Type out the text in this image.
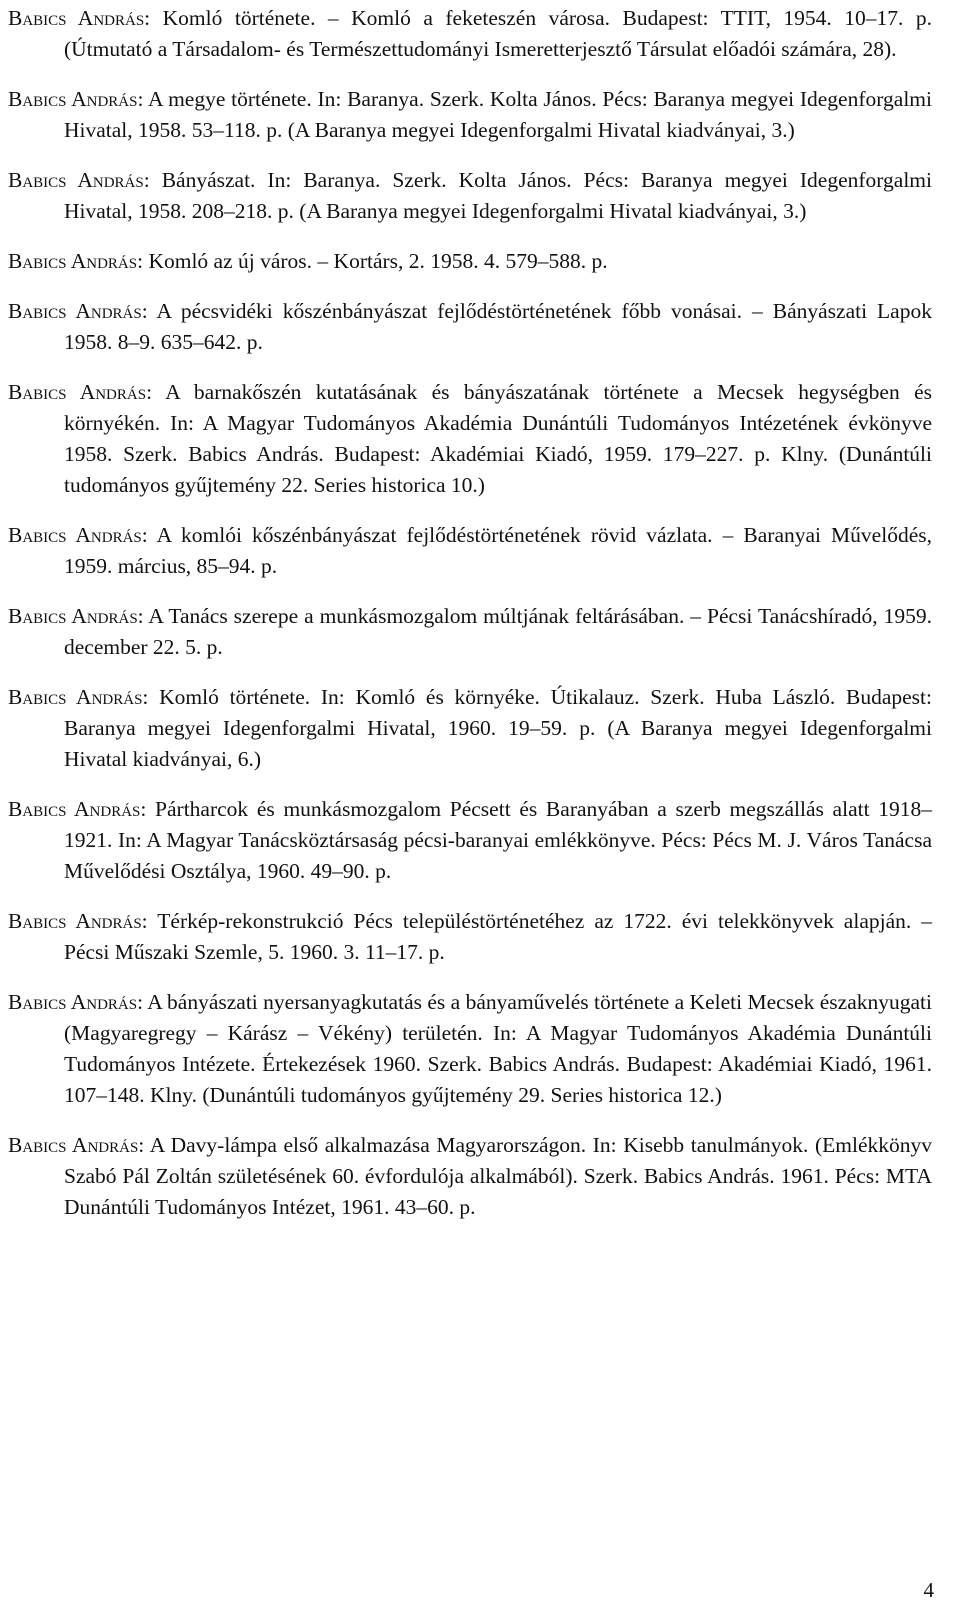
Babics András: Komló története. – Komló a feketeszén városa. Budapest: TTIT, 1954. 10–17. p. (Útmutató a Társadalom- és Természettudományi Ismeretterjesztő Társulat előadói számára, 28).

Babics András: A megye története. In: Baranya. Szerk. Kolta János. Pécs: Baranya megyei Idegenforgalmi Hivatal, 1958. 53–118. p. (A Baranya megyei Idegenforgalmi Hivatal kiadványai, 3.)

Babics András: Bányászat. In: Baranya. Szerk. Kolta János. Pécs: Baranya megyei Idegenforgalmi Hivatal, 1958. 208–218. p. (A Baranya megyei Idegenforgalmi Hivatal kiadványai, 3.)

Babics András: Komló az új város. – Kortárs, 2. 1958. 4. 579–588. p.

Babics András: A pécsvidéki kőszénbányászat fejlődéstörténetének főbb vonásai. – Bányászati Lapok 1958. 8–9. 635–642. p.

Babics András: A barnakőszén kutatásának és bányászatának története a Mecsek hegységben és környékén. In: A Magyar Tudományos Akadémia Dunántúli Tudományos Intézetének évkönyve 1958. Szerk. Babics András. Budapest: Akadémiai Kiadó, 1959. 179–227. p. Klny. (Dunántúli tudományos gyűjtemény 22. Series historica 10.)

Babics András: A komlói kőszénbányászat fejlődéstörténetének rövid vázlata. – Baranyai Művelődés, 1959. március, 85–94. p.

Babics András: A Tanács szerepe a munkásmozgalom múltjának feltárásában. – Pécsi Tanácshíradó, 1959. december 22. 5. p.

Babics András: Komló története. In: Komló és környéke. Útikalauz. Szerk. Huba László. Budapest: Baranya megyei Idegenforgalmi Hivatal, 1960. 19–59. p. (A Baranya megyei Idegenforgalmi Hivatal kiadványai, 6.)

Babics András: Pártharcok és munkásmozgalom Pécsett és Baranyában a szerb megszállás alatt 1918–1921. In: A Magyar Tanácsköztársaság pécsi-baranyai emlékkönyve. Pécs: Pécs M. J. Város Tanácsa Művelődési Osztálya, 1960. 49–90. p.

Babics András: Térkép-rekonstrukció Pécs településtörténetéhez az 1722. évi telekkönyvek alapján. – Pécsi Műszaki Szemle, 5. 1960. 3. 11–17. p.

Babics András: A bányászati nyersanyagkutatás és a bányaművelés története a Keleti Mecsek északnyugati (Magyaregregy – Kárász – Vékény) területén. In: A Magyar Tudományos Akadémia Dunántúli Tudományos Intézete. Értekezések 1960. Szerk. Babics András. Budapest: Akadémiai Kiadó, 1961. 107–148. Klny. (Dunántúli tudományos gyűjtemény 29. Series historica 12.)

Babics András: A Davy-lámpa első alkalmazása Magyarországon. In: Kisebb tanulmányok. (Emlékkönyv Szabó Pál Zoltán születésének 60. évfordulója alkalmából). Szerk. Babics András. 1961. Pécs: MTA Dunántúli Tudományos Intézet, 1961. 43–60. p.

4
